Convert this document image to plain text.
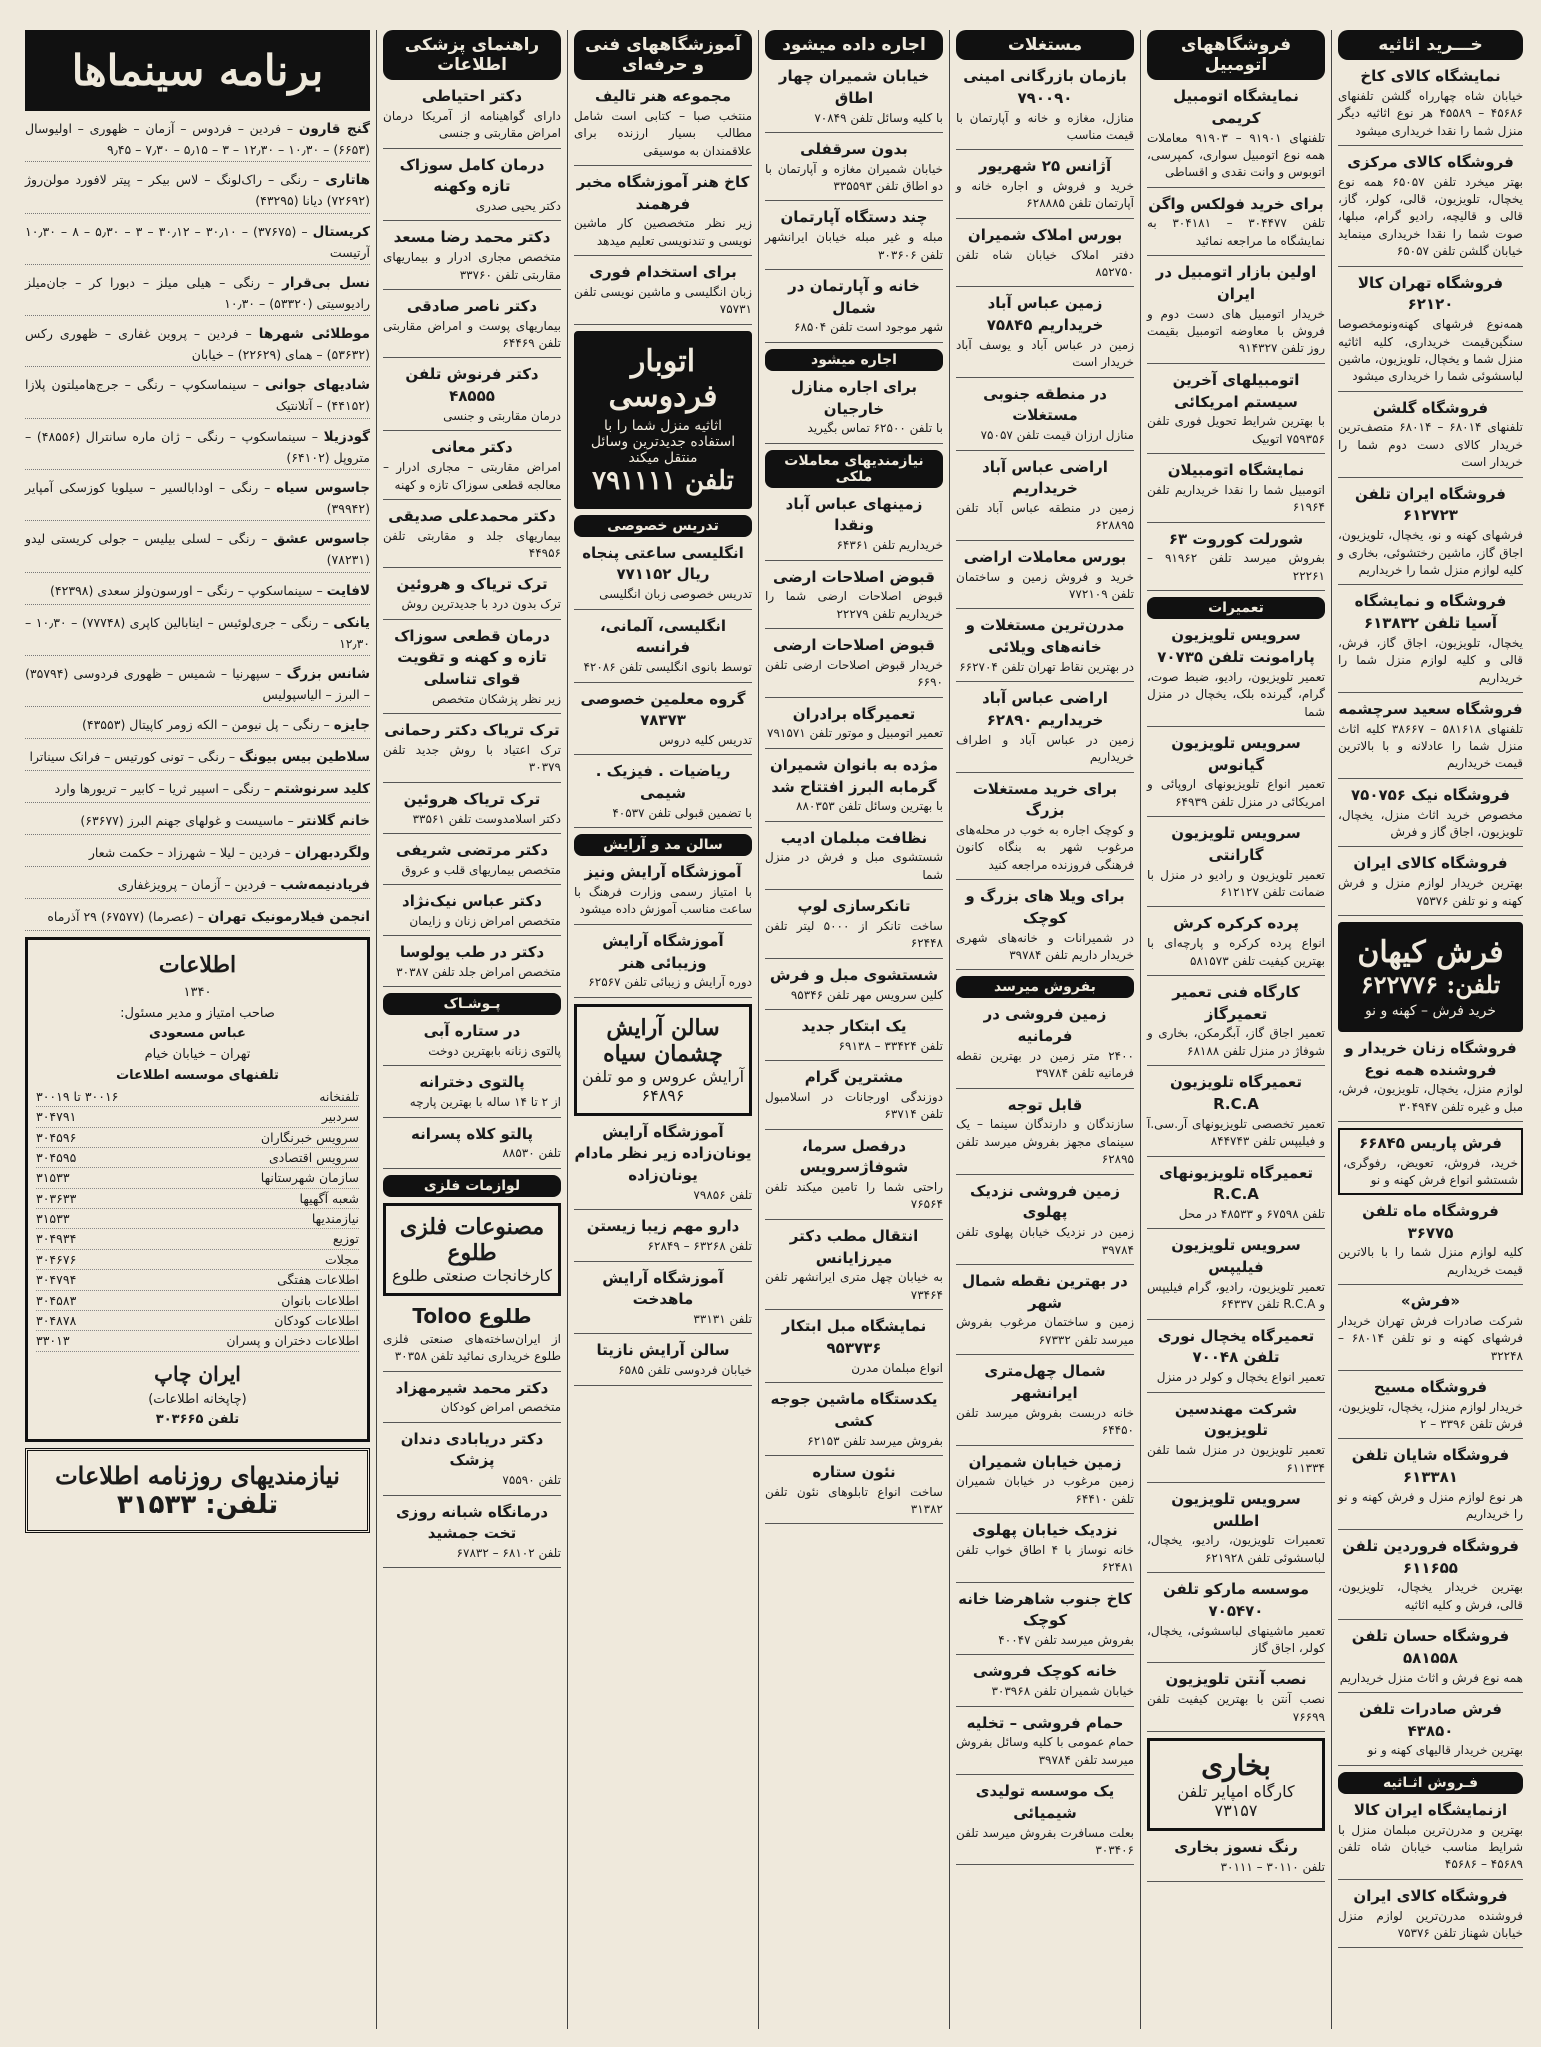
خـــرید اثاثیه
نمایشگاه کالای کاخ
خیابان شاه چهارراه گلشن تلفنهای ۴۵۶۸۶ – ۴۵۵۸۹ هر نوع اثاثیه دیگر منزل شما را نقدا خریداری میشود
فروشگاه کالای مرکزی
بهتر میخرد تلفن ۶۵۰۵۷ همه نوع یخچال، تلویزیون، قالی، کولر، گاز، قالی و قالیچه، رادیو گرام، مبلها، صوت شما را نقدا خریداری مینماید خیابان گلشن تلفن ۶۵۰۵۷
فروشگاه تهران کالا ۶۲۱۲۰
همه‌نوع فرشهای کهنه‌ونومخصوصا سنگین‌قیمت خریداری، کلیه اثاثیه منزل شما و یخچال، تلویزیون، ماشین لباسشوئی شما را خریداری میشود
فروشگاه گلشن
تلفنهای ۶۸۰۱۴ – ۶۸۰۱۴ متصف‌ترین خریدار کالای دست دوم شما را خریدار است
فروشگاه ایران تلفن ۶۱۲۷۲۳
فرشهای کهنه و نو، یخچال، تلویزیون، اجاق گاز، ماشین رختشوئی، بخاری و کلیه لوازم منزل شما را خریداریم
فروشگاه و نمایشگاه آسیا تلفن ۶۱۳۸۳۲
یخچال، تلویزیون، اجاق گاز، فرش، قالی و کلیه لوازم منزل شما را خریداریم
فروشگاه سعید سرچشمه
تلفنهای ۵۸۱۶۱۸ – ۳۸۶۶۷ کلیه اثاث منزل شما را عادلانه و با بالاترین قیمت خریداریم
فروشگاه نیک ۷۵۰۷۵۶
مخصوص خرید اثاث منزل، یخچال، تلویزیون، اجاق گاز و فرش
فروشگاه کالای ایران
بهترین خریدار لوازم منزل و فرش کهنه و نو تلفن ۷۵۳۷۶
فرش کیهان
تلفن: ۶۲۲۷۷۶
خرید فرش – کهنه و نو
فروشگاه زنان خریدار و فروشنده همه نوع
لوازم منزل، یخچال، تلویزیون، فرش، مبل و غیره تلفن ۳۰۴۹۴۷
فرش پاریس ۶۶۸۴۵
خرید، فروش، تعویض، رفوگری، شستشو انواع فرش کهنه و نو
فروشگاه ماه تلفن ۳۶۷۷۵
کلیه لوازم منزل شما را با بالاترین قیمت خریداریم
«فرش»
شرکت صادرات فرش تهران خریدار فرشهای کهنه و نو تلفن ۶۸۰۱۴ – ۳۲۲۴۸
فروشگاه مسیح
خریدار لوازم منزل، یخچال، تلویزیون، فرش تلفن ۳۳۹۶ – ۲
فروشگاه شایان تلفن ۶۱۳۳۸۱
هر نوع لوازم منزل و فرش کهنه و نو را خریداریم
فروشگاه فروردین تلفن ۶۱۱۶۵۵
بهترین خریدار یخچال، تلویزیون، قالی، فرش و کلیه اثاثیه
فروشگاه حسان تلفن ۵۸۱۵۵۸
همه نوع فرش و اثاث منزل خریداریم
فرش صادرات تلفن ۴۳۸۵۰
بهترین خریدار قالیهای کهنه و نو
فـروش اثـاثیه
ازنمایشگاه ایران کالا
بهترین و مدرن‌ترین مبلمان منزل با شرایط مناسب خیابان شاه تلفن ۴۵۶۸۹ – ۴۵۶۸۶
فروشگاه کالای ایران
فروشنده مدرن‌ترین لوازم منزل خیابان شهناز تلفن ۷۵۳۷۶
فروشگاههای اتومبیل
نمایشگاه اتومبیل کریمی
تلفنهای ۹۱۹۰۱ – ۹۱۹۰۳ معاملات همه نوع اتومبیل سواری، کمپرسی، اتوبوس و وانت نقدی و اقساطی
برای خرید فولکس واگن
تلفن ۳۰۴۴۷۷ – ۳۰۴۱۸۱ به نمایشگاه ما مراجعه نمائید
اولین بازار اتومبیل در ایران
خریدار اتومبیل های دست دوم و فروش با معاوضه اتومبیل بقیمت روز تلفن ۹۱۴۳۲۷
اتومبیلهای آخرین سیستم امریکائی
با بهترین شرایط تحویل فوری تلفن ۷۵۹۳۵۶ اتوبیک
نمایشگاه اتومبیلان
اتومبیل شما را نقدا خریداریم تلفن ۶۱۹۶۴
شورلت کوروت ۶۳
بفروش میرسد تلفن ۹۱۹۶۲ – ۲۲۲۶۱
تعمیرات
سرویس تلویزیون پارامونت تلفن ۷۰۷۳۵
تعمیر تلویزیون، رادیو، ضبط صوت، گرام، گیرنده بلک، یخچال در منزل شما
سرویس تلویزیون گیانوس
تعمیر انواع تلویزیونهای اروپائی و امریکائی در منزل تلفن ۶۴۹۳۹
سرویس تلویزیون گارانتی
تعمیر تلویزیون و رادیو در منزل با ضمانت تلفن ۶۱۲۱۲۷
پرده کرکره کرش
انواع پرده کرکره و پارچه‌ای با بهترین کیفیت تلفن ۵۸۱۵۷۳
کارگاه فنی تعمیر تعمیرگاز
تعمیر اجاق گاز، آبگرمکن، بخاری و شوفاژ در منزل تلفن ۶۸۱۸۸
تعمیرگاه تلویزیون R.C.A
تعمیر تخصصی تلویزیونهای آر.سی.آ و فیلیپس تلفن ۸۴۴۷۴۳
تعمیرگاه تلویزیونهای R.C.A
تلفن ۶۷۵۹۸ و ۴۸۵۳۳ در محل
سرویس تلویزیون فیلیپس
تعمیر تلویزیون، رادیو، گرام فیلیپس و R.C.A تلفن ۶۴۳۳۷
تعمیرگاه یخچال نوری تلفن ۷۰۰۴۸
تعمیر انواع یخچال و کولر در منزل
شرکت مهندسین تلویزیون
تعمیر تلویزیون در منزل شما تلفن ۶۱۱۳۳۴
سرویس تلویزیون اطلس
تعمیرات تلویزیون، رادیو، یخچال، لباسشوئی تلفن ۶۲۱۹۲۸
موسسه مارکو تلفن ۷۰۵۴۷۰
تعمیر ماشینهای لباسشوئی، یخچال، کولر، اجاق گاز
نصب آنتن تلویزیون
نصب آنتن با بهترین کیفیت تلفن ۷۶۶۹۹
بخاری
کارگاه امپایر تلفن ۷۳۱۵۷
رنگ نسوز بخاری
تلفن ۳۰۱۱۰ – ۳۰۱۱۱
مستغلات
بازمان بازرگانی امینی ۷۹۰۰۹۰
منازل، مغازه و خانه و آپارتمان با قیمت مناسب
آژانس ۲۵ شهریور
خرید و فروش و اجاره خانه و آپارتمان تلفن ۶۲۸۸۸۵
بورس املاک شمیران
دفتر املاک خیابان شاه تلفن ۸۵۲۷۵۰
زمین عباس آباد خریداریم ۷۵۸۴۵
زمین در عباس آباد و یوسف آباد خریدار است
در منطقه جنوبی مستغلات
منازل ارزان قیمت تلفن ۷۵۰۵۷
اراضی عباس آباد خریداریم
زمین در منطقه عباس آباد تلفن ۶۲۸۸۹۵
بورس معاملات اراضی
خرید و فروش زمین و ساختمان تلفن ۷۷۲۱۰۹
مدرن‌ترین مستغلات و خانه‌های ویلائی
در بهترین نقاط تهران تلفن ۶۶۲۷۰۴
اراضی عباس آباد خریداریم ۶۲۸۹۰
زمین در عباس آباد و اطراف خریداریم
برای خرید مستغلات بزرگ
و کوچک اجاره به خوب در محله‌های مرغوب شهر به بنگاه کانون فرهنگی فروزنده مراجعه کنید
برای ویلا های بزرگ و کوچک
در شمیرانات و خانه‌های شهری خریدار داریم تلفن ۳۹۷۸۴
بفروش میرسد
زمین فروشی در فرمانیه
۲۴۰۰ متر زمین در بهترین نقطه فرمانیه تلفن ۳۹۷۸۴
قابل توجه
سازندگان و دارندگان سینما – یک سینمای مجهز بفروش میرسد تلفن ۶۲۸۹۵
زمین فروشی نزدیک پهلوی
زمین در نزدیک خیابان پهلوی تلفن ۳۹۷۸۴
در بهترین نقطه شمال شهر
زمین و ساختمان مرغوب بفروش میرسد تلفن ۶۷۳۳۲
شمال چهل‌متری ایرانشهر
خانه دربست بفروش میرسد تلفن ۶۴۴۵۰
زمین خیابان شمیران
زمین مرغوب در خیابان شمیران تلفن ۶۴۴۱۰
نزدیک خیابان پهلوی
خانه نوساز با ۴ اطاق خواب تلفن ۶۲۴۸۱
کاخ جنوب شاهرضا خانه کوچک
بفروش میرسد تلفن ۴۰۰۴۷
خانه کوچک فروشی
خیابان شمیران تلفن ۳۰۳۹۶۸
حمام فروشی – تخلیه
حمام عمومی با کلیه وسائل بفروش میرسد تلفن ۳۹۷۸۴
یک موسسه تولیدی شیمیائی
بعلت مسافرت بفروش میرسد تلفن ۳۰۳۴۰۶
اجاره داده میشود
خیابان شمیران چهار اطاق
با کلیه وسائل تلفن ۷۰۸۴۹
بدون سرقفلی
خیابان شمیران مغازه و آپارتمان با دو اطاق تلفن ۳۳۵۵۹۳
چند دستگاه آپارتمان
مبله و غیر مبله خیابان ایرانشهر تلفن ۳۰۳۶۰۶
خانه و آپارتمان در شمال
شهر موجود است تلفن ۶۸۵۰۴
اجاره میشود
برای اجاره منازل خارجیان
با تلفن ۶۲۵۰۰ تماس بگیرید
نیازمندیهای معاملات ملکی
زمینهای عباس آباد ونقدا
خریداریم تلفن ۶۴۳۶۱
قبوض اصلاحات ارضی
قبوض اصلاحات ارضی شما را خریداریم تلفن ۲۲۲۷۹
قبوض اصلاحات ارضی
خریدار قبوض اصلاحات ارضی تلفن ۶۶۹۰
تعمیرگاه برادران
تعمیر اتومبیل و موتور تلفن ۷۹۱۵۷۱
مژده به بانوان شمیران گرمابه البرز افتتاح شد
با بهترین وسائل تلفن ۸۸۰۳۵۳
نظافت مبلمان ادیب
شستشوی مبل و فرش در منزل شما
تانکرسازی لوپ
ساخت تانکر از ۵۰۰۰ لیتر تلفن ۶۲۴۴۸
شستشوی مبل و فرش
کلین سرویس مهر تلفن ۹۵۳۴۶
یک ابتکار جدید
تلفن ۳۳۴۲۴ – ۶۹۱۳۸
مشترین گرام
دوزندگی اورجانات در اسلامبول تلفن ۶۳۷۱۴
درفصل سرما، شوفاژسرویس
راحتی شما را تامین میکند تلفن ۷۶۵۶۴
انتقال مطب دکتر میرزایانس
به خیابان چهل متری ایرانشهر تلفن ۷۳۴۶۴
نمایشگاه مبل ابتکار ۹۵۳۷۳۶
انواع مبلمان مدرن
یکدستگاه ماشین جوجه کشی
بفروش میرسد تلفن ۶۲۱۵۳
نئون ستاره
ساخت انواع تابلوهای نئون تلفن ۳۱۳۸۲
آموزشگاههای فنی و حرفه‌ای
مجموعه هنر تالیف
منتخب صبا – کتابی است شامل مطالب بسیار ارزنده برای علاقمندان به موسیقی
کاخ هنر آموزشگاه مخبر فرهمند
زیر نظر متخصصین کار ماشین نویسی و تندنویسی تعلیم میدهد
برای استخدام فوری
زبان انگلیسی و ماشین نویسی تلفن ۷۵۷۳۱
اتوبار فردوسی
اثاثیه منزل شما را با استفاده جدیدترین وسائل منتقل میکند
تلفن ۷۹۱۱۱۱
تدریس خصوصی
انگلیسی ساعتی پنجاه ریال ۷۷۱۱۵۲
تدریس خصوصی زبان انگلیسی
انگلیسی، آلمانی، فرانسه
توسط بانوی انگلیسی تلفن ۴۲۰۸۶
گروه معلمین خصوصی ۷۸۳۷۳
تدریس کلیه دروس
ریاضیات . فیزیک . شیمی
با تضمین قبولی تلفن ۴۰۵۳۷
سالن مد و آرایش
آموزشگاه آرایش ونیز
با امتیاز رسمی وزارت فرهنگ با ساعت مناسب آموزش داده میشود
آموزشگاه آرایش وزیبائی هنر
دوره آرایش و زیبائی تلفن ۶۲۵۶۷
سالن آرایش چشمان سیاه
آرایش عروس و مو تلفن ۶۴۸۹۶
آموزشگاه آرایش یونان‌زاده زیر نظر مادام یونان‌زاده
تلفن ۷۹۸۵۶
دارو مهم زیبا زیستن
تلفن ۶۳۲۶۸ – ۶۲۸۴۹
آموزشگاه آرایش ماهدخت
تلفن ۳۳۱۳۱
سالن آرایش نازیتا
خیابان فردوسی تلفن ۶۵۸۵
راهنمای پزشکی اطلاعات
دکتر احتیاطی
دارای گواهینامه از آمریکا درمان امراض مقاربتی و جنسی
درمان کامل سوزاک تازه وکهنه
دکتر یحیی صدری
دکتر محمد رضا مسعد
متخصص مجاری ادرار و بیماریهای مقاربتی تلفن ۳۳۷۶۰
دکتر ناصر صادقی
بیماریهای پوست و امراض مقاربتی تلفن ۶۴۴۶۹
دکتر فرنوش تلفن ۴۸۵۵۵
درمان مقاربتی و جنسی
دکتر معانی
امراض مقاربتی – مجاری ادرار – معالجه قطعی سوزاک تازه و کهنه
دکتر محمدعلی صدیقی
بیماریهای جلد و مقاربتی تلفن ۴۴۹۵۶
ترک تریاک و هروئین
ترک بدون درد با جدیدترین روش
درمان قطعی سوزاک تازه و کهنه و تقویت قوای تناسلی
زیر نظر پزشکان متخصص
ترک تریاک دکتر رحمانی
ترک اعتیاد با روش جدید تلفن ۳۰۳۷۹
ترک تریاک هروئین
دکتر اسلامدوست تلفن ۳۳۵۶۱
دکتر مرتضی شریفی
متخصص بیماریهای قلب و عروق
دکتر عباس نیک‌نژاد
متخصص امراض زنان و زایمان
دکتر در طب یولوسا
متخصص امراض جلد تلفن ۳۰۳۸۷
پـوشـاک
در ستاره آبی
پالتوی زنانه بابهترین دوخت
پالتوی دخترانه
از ۲ تا ۱۴ ساله با بهترین پارچه
پالتو کلاه پسرانه
تلفن ۸۸۵۳۰
لوازمات فلزی
مصنوعات فلزی طلوع
کارخانجات صنعتی طلوع
طلوع Toloo
از ایران‌ساخته‌های صنعتی فلزی طلوع خریداری نمائید تلفن ۳۰۳۵۸
دکتر محمد شیرمهزاد
متخصص امراض کودکان
دکتر دریابادی دندان پزشک
تلفن ۷۵۵۹۰
درمانگاه شبانه روزی تخت جمشید
تلفن ۶۸۱۰۲ – ۶۷۸۳۲
برنامه سینماها
گنج قارون – فردین – فردوس – آزمان – ظهوری – اولیوسال (۶۶۵۳) – ۱۰٫۳۰ – ۱۲٫۳۰ – ۳ – ۵٫۱۵ – ۷٫۳۰ – ۹٫۴۵
هاتاری – رنگی – راک‌لونگ – لاس بیکر – پیتر لافورد مولن‌روژ (۷۲۶۹۲) دیانا (۴۳۲۹۵)
کریستال – (۳۷۶۷۵) – ۳۰٫۱۰ – ۳۰٫۱۲ – ۳ – ۵٫۳۰ – ۸ – ۱۰٫۳۰ آرتیست
نسل بی‌قرار – رنگی – هیلی میلز – دبورا کر – جان‌میلز رادیوسیتی (۵۳۳۲۰) – ۱۰٫۳۰
موطلائی شهرها – فردین – پروین غفاری – ظهوری رکس (۵۳۶۳۲) – همای (۲۲۶۲۹) – خیابان
شادیهای جوانی – سینماسکوپ – رنگی – جرج‌هامیلتون پلازا (۴۴۱۵۲) – آتلانتیک
گودزیلا – سینماسکوپ – رنگی – ژان ماره سانترال (۴۸۵۵۶) – متروپل (۶۴۱۰۲)
جاسوس سیاه – رنگی – اودابالسیر – سیلویا کوزسکی آمپایر (۳۹۹۴۲)
جاسوس عشق – رنگی – لسلی بیلیس – جولی کریستی لیدو (۷۸۲۳۱)
لافایت – سینماسکوپ – رنگی – اورسون‌ولز سعدی (۴۲۳۹۸)
یانکی – رنگی – جری‌لوئیس – اینابالین کاپری (۷۷۷۴۸) – ۱۰٫۳۰ – ۱۲٫۳۰
شانس بزرگ – سپهرنیا – شمیس – ظهوری فردوسی (۳۵۷۹۴) – البرز – الیاسپولیس
جایزه – رنگی – پل نیومن – الکه زومر کاپیتال (۴۳۵۵۳)
سلاطین بیس بیونگ – رنگی – تونی کورتیس – فرانک سیناترا
کلید سرنوشتم – رنگی – اسپیر ثریا – کابیر – تریورها وارد
خانم گلانتر – ماسیست و غولهای جهنم البرز (۶۳۶۷۷)
ولگردبهران – فردین – لیلا – شهرزاد – حکمت شعار
فریادنیمه‌شب – فردین – آزمان – پرویزغفاری
انجمن فیلارمونیک تهران – (عصرما) (۶۷۵۷۷) ۲۹ آذرماه
اطلاعات
۱۳۴۰
صاحب امتیاز و مدیر مسئول:
عباس مسعودی
تهران – خیابان خیام
تلفنهای موسسه اطلاعات
تلفنخانه
۳۰۰۱۶ تا ۳۰۰۱۹
سردبیر
۳۰۴۷۹۱
سرویس خبرنگاران
۳۰۴۵۹۶
سرویس اقتصادی
۳۰۴۵۹۵
سازمان شهرستانها
۳۱۵۳۳
شعبه آگهیها
۳۰۳۶۳۳
نیازمندیها
۳۱۵۳۳
توزیع
۳۰۴۹۳۴
مجلات
۳۰۴۶۷۶
اطلاعات هفتگی
۳۰۴۷۹۴
اطلاعات بانوان
۳۰۴۵۸۳
اطلاعات کودکان
۳۰۴۸۷۸
اطلاعات دختران و پسران
۳۳۰۱۳
ایران چاپ
(چاپخانه اطلاعات)
تلفن ۳۰۳۶۶۵
نیازمندیهای روزنامه اطلاعات
تلفن: ۳۱۵۳۳
